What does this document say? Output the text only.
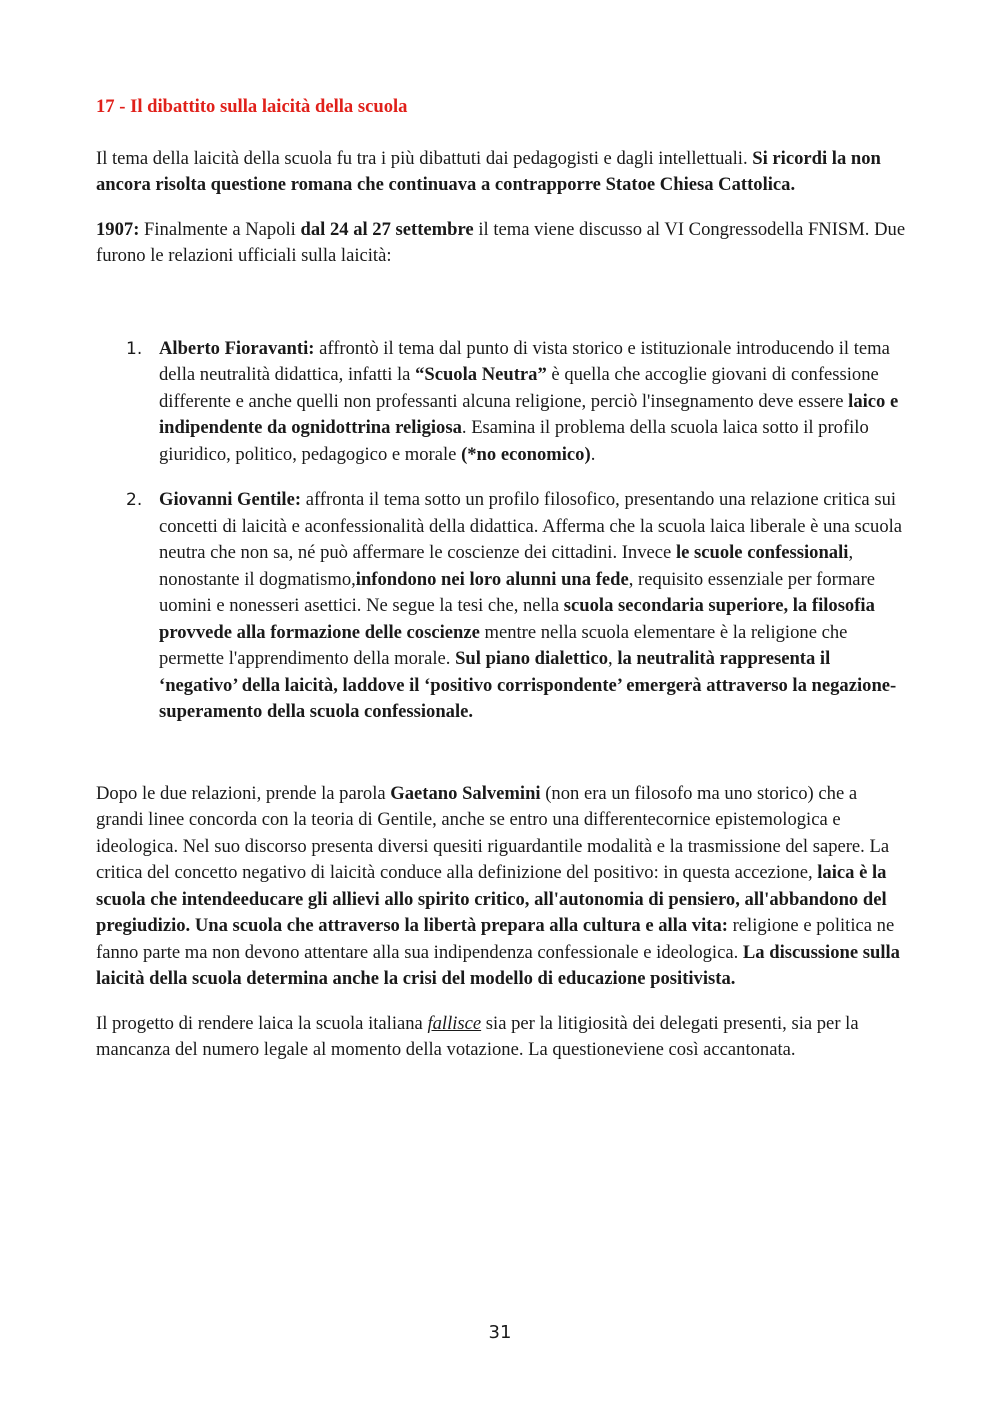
17 - Il dibattito sulla laicità della scuola

Il tema della laicità della scuola fu tra i più dibattuti dai pedagogisti e dagli intellettuali. Si ricordi la non ancora risolta questione romana che continuava a contrapporre Statoe Chiesa Cattolica.

1907: Finalmente a Napoli dal 24 al 27 settembre il tema viene discusso al VI Congressodella FNISM. Due furono le relazioni ufficiali sulla laicità:

1. Alberto Fioravanti: affrontò il tema dal punto di vista storico e istituzionale introducendo il tema della neutralità didattica, infatti la “Scuola Neutra” è quella che accoglie giovani di confessione differente e anche quelli non professanti alcuna religione, perciò l'insegnamento deve essere laico e indipendente da ognidottrina religiosa. Esamina il problema della scuola laica sotto il profilo giuridico, politico, pedagogico e morale (*no economico).
2. Giovanni Gentile: affronta il tema sotto un profilo filosofico, presentando una relazione critica sui concetti di laicità e aconfessionalità della didattica. Afferma che la scuola laica liberale è una scuola neutra che non sa, né può affermare le coscienze dei cittadini. Invece le scuole confessionali, nonostante il dogmatismo,infondono nei loro alunni una fede, requisito essenziale per formare uomini e nonesseri asettici. Ne segue la tesi che, nella scuola secondaria superiore, la filosofia provvede alla formazione delle coscienze mentre nella scuola elementare è la religione che permette l'apprendimento della morale. Sul piano dialettico, la neutralità rappresenta il ‘negativo’ della laicità, laddove il ‘positivo corrispondente’ emergerà attraverso la negazione-superamento della scuola confessionale.

Dopo le due relazioni, prende la parola Gaetano Salvemini (non era un filosofo ma uno storico) che a grandi linee concorda con la teoria di Gentile, anche se entro una differentecornice epistemologica e ideologica. Nel suo discorso presenta diversi quesiti riguardantile modalità e la trasmissione del sapere. La critica del concetto negativo di laicità conduce alla definizione del positivo: in questa accezione, laica è la scuola che intendeeducare gli allievi allo spirito critico, all'autonomia di pensiero, all'abbandono del pregiudizio. Una scuola che attraverso la libertà prepara alla cultura e alla vita: religione e politica ne fanno parte ma non devono attentare alla sua indipendenza confessionale e ideologica. La discussione sulla laicità della scuola determina anche la crisi del modello di educazione positivista.

Il progetto di rendere laica la scuola italiana fallisce sia per la litigiosità dei delegati presenti, sia per la mancanza del numero legale al momento della votazione. La questioneviene così accantonata.

31
